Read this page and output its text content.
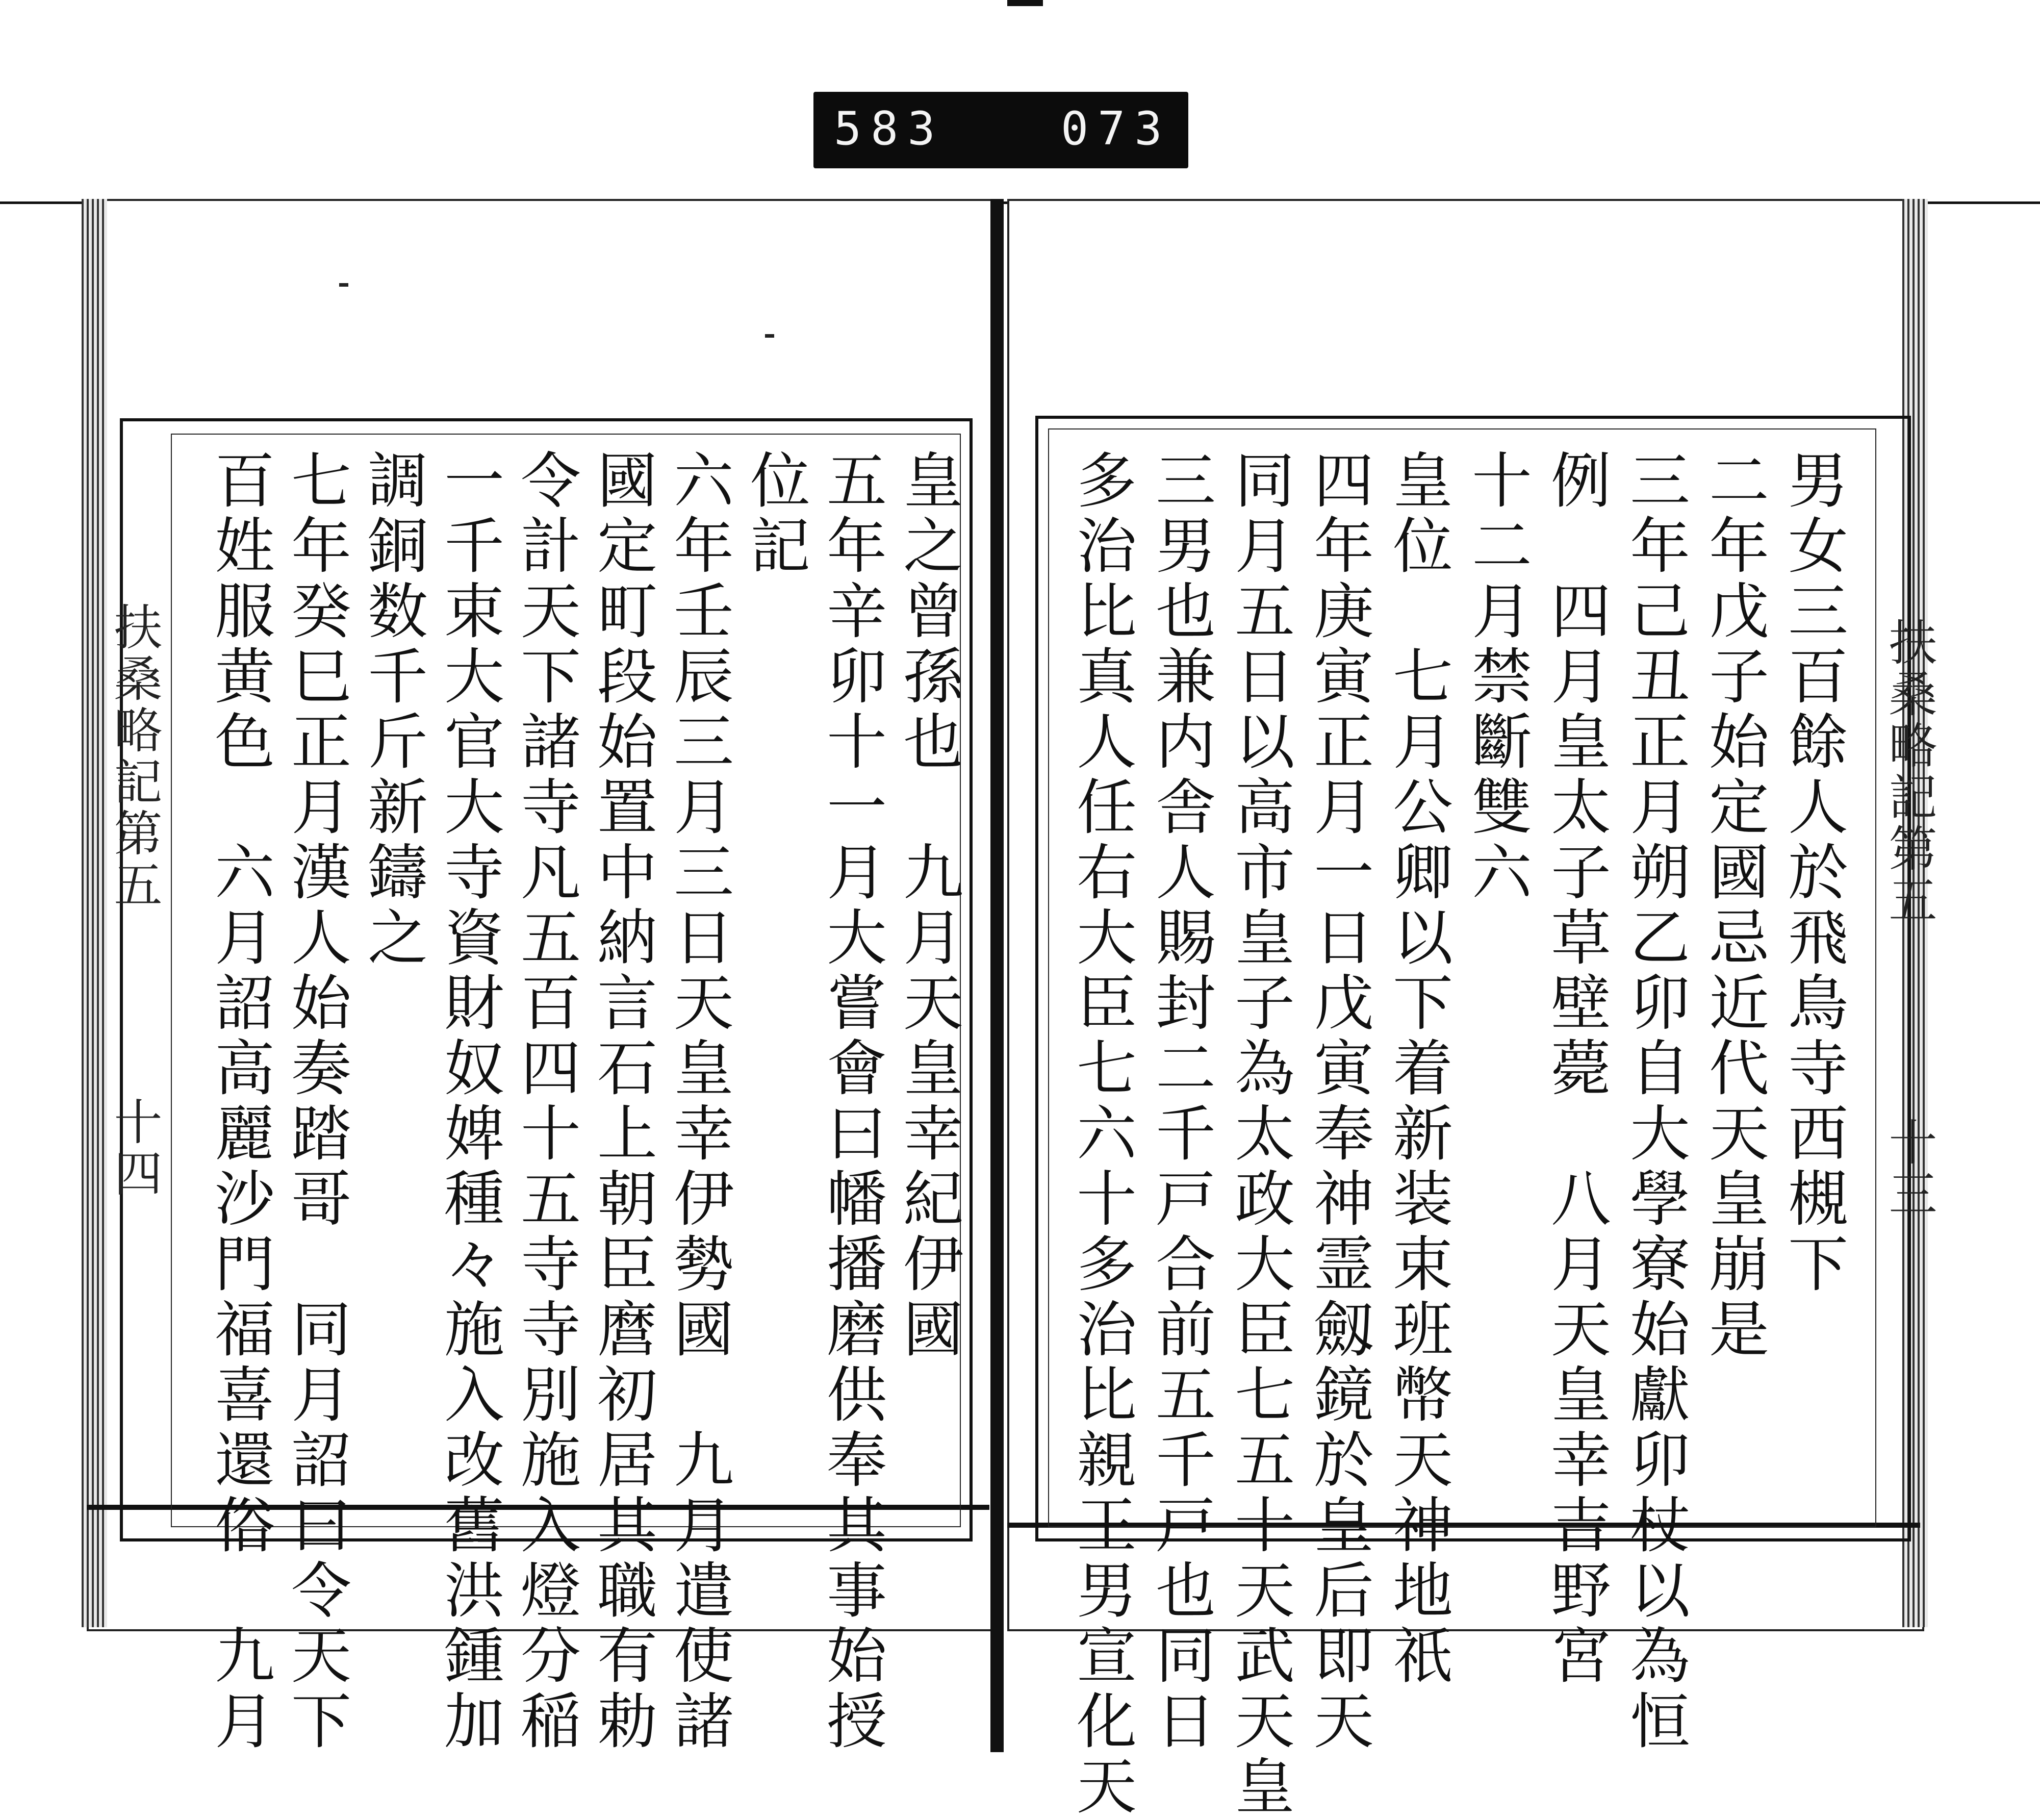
583	073
扶桑略記第五
十三
扶桑略記第五
十四	男女三百餘人於飛鳥寺西槻下
二年戊子始定國忌近代天皇崩是
三年己丑正月朔乙卯自大學寮始獻卯杖以為恒
例　四月皇太子草壁薨　八月天皇幸吉野宮
十二月禁斷雙六
皇位　七月公卿以下着新装束班幣天神地祇
四年庚寅正月一日戊寅奉神霊劔鏡於皇后即天
同月五日以高市皇子為太政大臣七五十天武天皇
三男也兼内舎人賜封二千戸合前五千戸也同日
多治比真人任右大臣七六十多治比親王男宣化天
皇之曾孫也　九月天皇幸紀伊國
五年辛卯十一月大嘗會曰幡播磨供奉其事始授
位記
六年壬辰三月三日天皇幸伊勢國　九月遣使諸
國定町段始置中納言石上朝臣麿初居其職有勅
令計天下諸寺凡五百四十五寺寺別施入燈分稲
一千束大官大寺資財奴婢種々施入改舊洪鍾加
調銅数千斤新鑄之
七年癸巳正月漢人始奏踏哥　同月詔曰令天下
百姓服黄色　六月詔高麗沙門福喜還俗　九月
